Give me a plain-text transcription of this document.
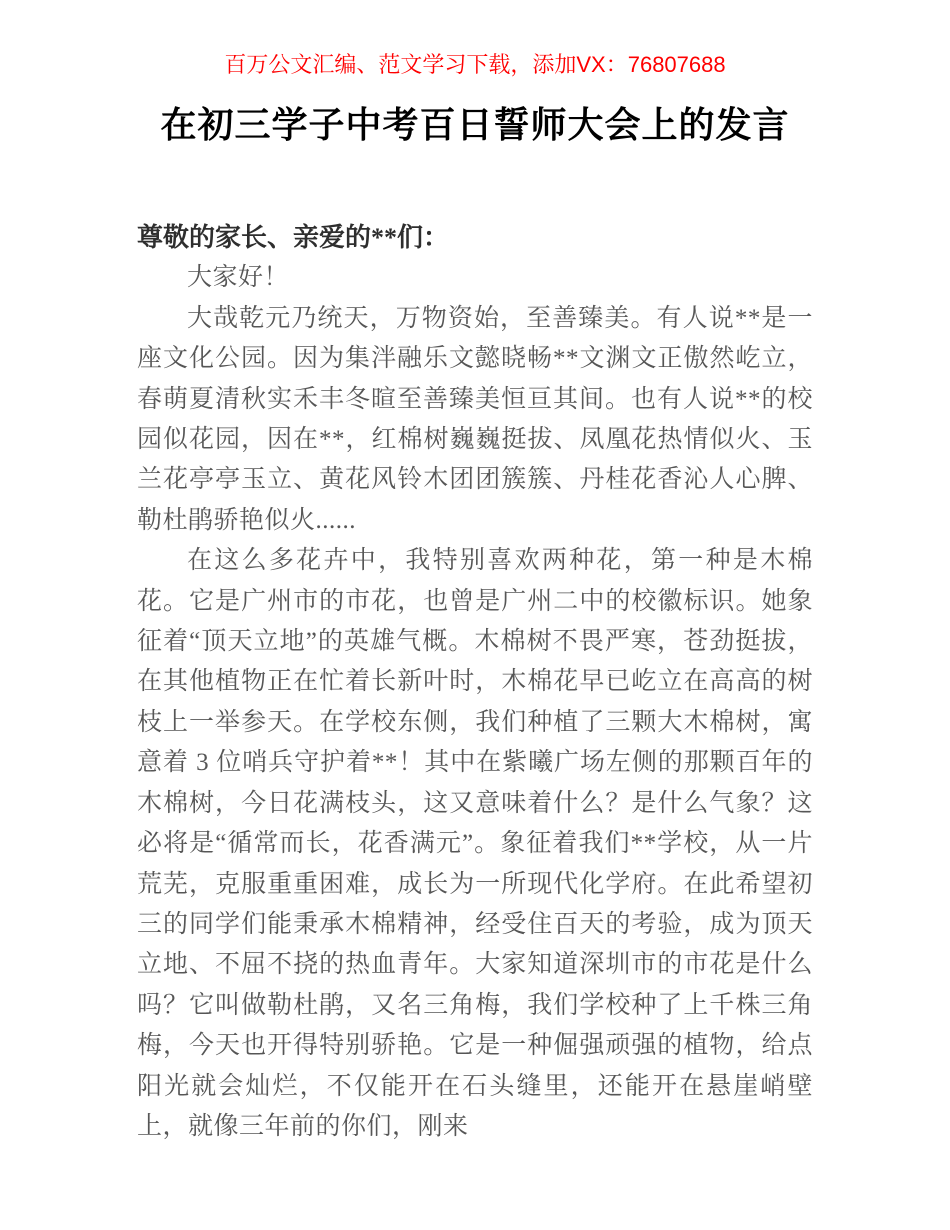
百万公文汇编、范文学习下载，添加VX：76807688
在初三学子中考百日誓师大会上的发言

尊敬的家长、亲爱的**们：

大家好！

大哉乾元乃统天，万物资始，至善臻美。有人说**是一座文化公园。因为集泮融乐文懿晓畅**文渊文正傲然屹立，春萌夏清秋实禾丰冬暄至善臻美恒亘其间。也有人说**的校园似花园，因在**，红棉树巍巍挺拔、凤凰花热情似火、玉兰花亭亭玉立、黄花风铃木团团簇簇、丹桂花香沁人心脾、勒杜鹃骄艳似火......

在这么多花卉中，我特别喜欢两种花，第一种是木棉花。它是广州市的市花，也曾是广州二中的校徽标识。她象征着“顶天立地”的英雄气概。木棉树不畏严寒，苍劲挺拔，在其他植物正在忙着长新叶时，木棉花早已屹立在高高的树枝上一举参天。在学校东侧，我们种植了三颗大木棉树，寓意着 3 位哨兵守护着**！其中在紫曦广场左侧的那颗百年的木棉树，今日花满枝头，这又意味着什么？是什么气象？这必将是“循常而长，花香满元”。象征着我们**学校，从一片荒芜，克服重重困难，成长为一所现代化学府。在此希望初三的同学们能秉承木棉精神，经受住百天的考验，成为顶天立地、不屈不挠的热血青年。大家知道深圳市的市花是什么吗？它叫做勒杜鹃，又名三角梅，我们学校种了上千株三角梅，今天也开得特别骄艳。它是一种倔强顽强的植物，给点阳光就会灿烂，不仅能开在石头缝里，还能开在悬崖峭壁上，就像三年前的你们，刚来
